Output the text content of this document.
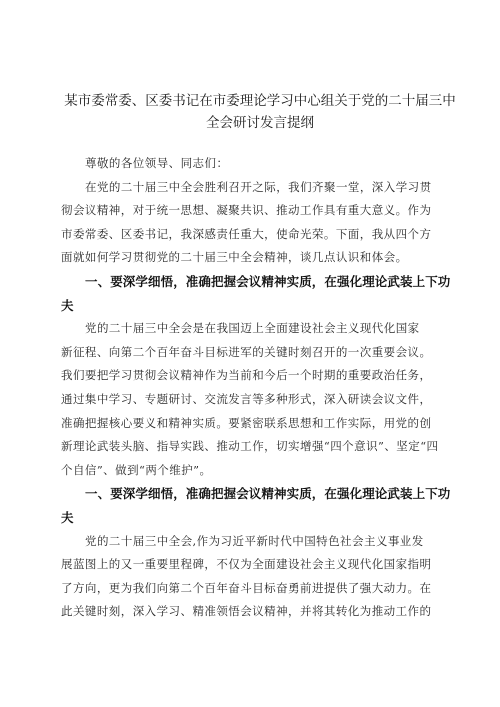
某市委常委、区委书记在市委理论学习中心组关于党的二十届三中
全会研讨发言提纲
尊敬的各位领导、同志们：
在党的二十届三中全会胜利召开之际，我们齐聚一堂，深入学习贯
彻会议精神，对于统一思想、凝聚共识、推动工作具有重大意义。作为
市委常委、区委书记，我深感责任重大，使命光荣。下面，我从四个方
面就如何学习贯彻党的二十届三中全会精神，谈几点认识和体会。
一、要深学细悟，准确把握会议精神实质，在强化理论武装上下功
夫
党的二十届三中全会是在我国迈上全面建设社会主义现代化国家
新征程、向第二个百年奋斗目标进军的关键时刻召开的一次重要会议。
我们要把学习贯彻会议精神作为当前和今后一个时期的重要政治任务，
通过集中学习、专题研讨、交流发言等多种形式，深入研读会议文件，
准确把握核心要义和精神实质。要紧密联系思想和工作实际，用党的创
新理论武装头脑、指导实践、推动工作，切实增强“四个意识”、坚定“四
个自信”、做到“两个维护”。
一、要深学细悟，准确把握会议精神实质，在强化理论武装上下功
夫
党的二十届三中全会,作为习近平新时代中国特色社会主义事业发
展蓝图上的又一重要里程碑，不仅为全面建设社会主义现代化国家指明
了方向，更为我们向第二个百年奋斗目标奋勇前进提供了强大动力。在
此关键时刻，深入学习、精准领悟会议精神，并将其转化为推动工作的
